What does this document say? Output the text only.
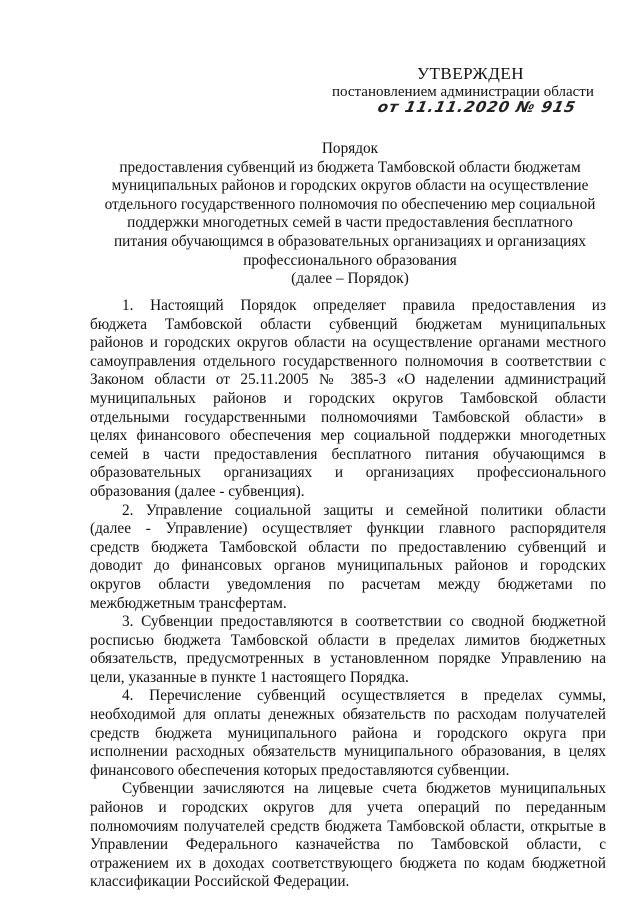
УТВЕРЖДЕН
постановлением администрации области
от 11.11.2020 № 915
Порядок
предоставления субвенций из бюджета Тамбовской области бюджетам
муниципальных районов и городских округов области на осуществление
отдельного государственного полномочия по обеспечению мер социальной
поддержки многодетных семей в части предоставления бесплатного
питания обучающимся в образовательных организациях и организациях
профессионального образования
(далее – Порядок)

1. Настоящий Порядок определяет правила предоставления из
бюджета Тамбовской области субвенций бюджетам муниципальных
районов и городских округов области на осуществление органами местного
самоуправления отдельного государственного полномочия в соответствии с
Законом области от 25.11.2005 № 385-З «О наделении администраций
муниципальных районов и городских округов Тамбовской области
отдельными государственными полномочиями Тамбовской области» в
целях финансового обеспечения мер социальной поддержки многодетных
семей в части предоставления бесплатного питания обучающимся в
образовательных организациях и организациях профессионального
образования (далее - субвенция).

2. Управление социальной защиты и семейной политики области
(далее - Управление) осуществляет функции главного распорядителя
средств бюджета Тамбовской области по предоставлению субвенций и
доводит до финансовых органов муниципальных районов и городских
округов области уведомления по расчетам между бюджетами по
межбюджетным трансфертам.

3. Субвенции предоставляются в соответствии со сводной бюджетной
росписью бюджета Тамбовской области в пределах лимитов бюджетных
обязательств, предусмотренных в установленном порядке Управлению на
цели, указанные в пункте 1 настоящего Порядка.

4. Перечисление субвенций осуществляется в пределах суммы,
необходимой для оплаты денежных обязательств по расходам получателей
средств бюджета муниципального района и городского округа при
исполнении расходных обязательств муниципального образования, в целях
финансового обеспечения которых предоставляются субвенции.

Субвенции зачисляются на лицевые счета бюджетов муниципальных
районов и городских округов для учета операций по переданным
полномочиям получателей средств бюджета Тамбовской области, открытые в
Управлении Федерального казначейства по Тамбовской области, с
отражением их в доходах соответствующего бюджета по кодам бюджетной
классификации Российской Федерации.
